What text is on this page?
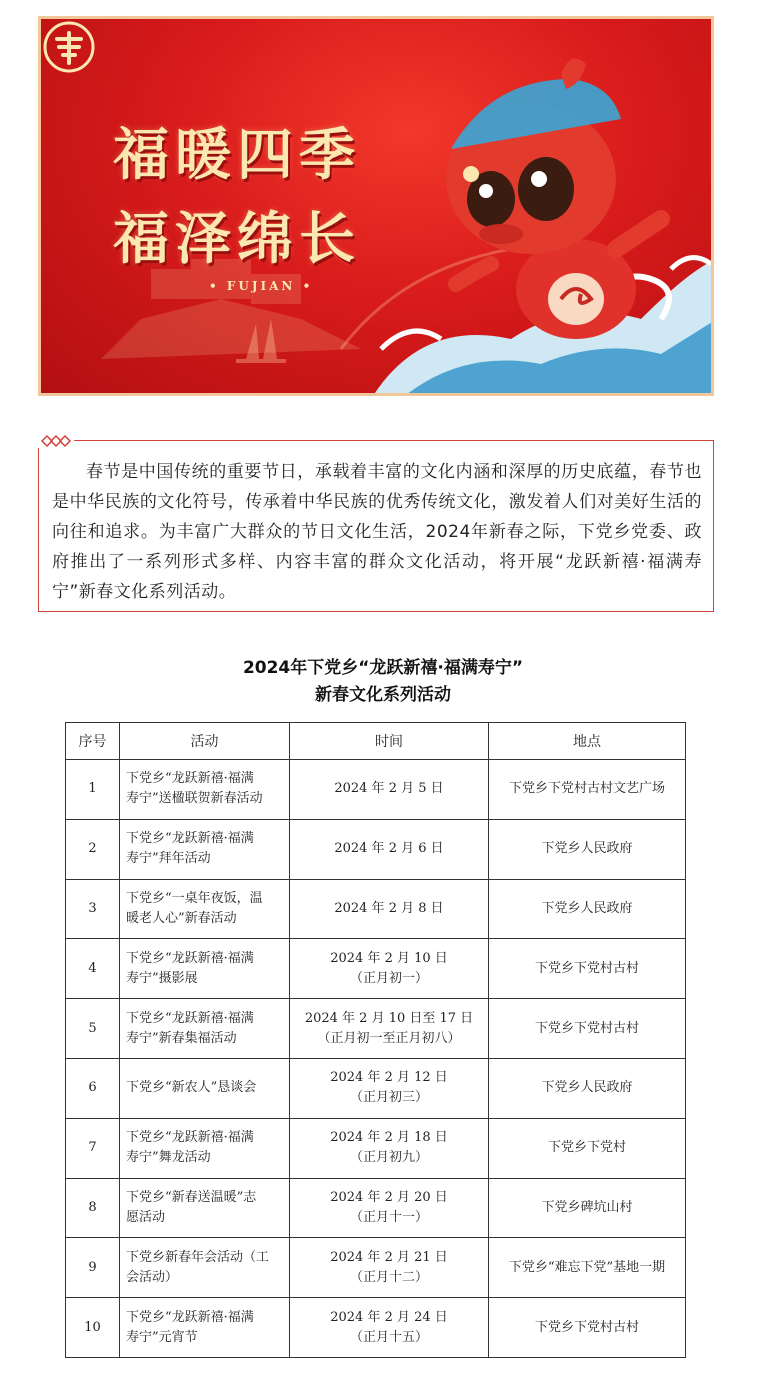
福暖四季
福泽绵长
• FUJIAN •

春节是中国传统的重要节日，承载着丰富的文化内涵和深厚的历史底蕴，春节也是中华民族的文化符号，传承着中华民族的优秀传统文化，激发着人们对美好生活的向往和追求。为丰富广大群众的节日文化生活，2024年新春之际，下党乡党委、政府推出了一系列形式多样、内容丰富的群众文化活动，将开展“龙跃新禧·福满寿宁”新春文化系列活动。

2024年下党乡“龙跃新禧·福满寿宁”
新春文化系列活动
序号	活动	时间	地点
1	下党乡“龙跃新禧·福满
寿宁”送楹联贺新春活动	2024 年 2 月 5 日	下党乡下党村古村文艺广场
2	下党乡“龙跃新禧·福满
寿宁”拜年活动	2024 年 2 月 6 日	下党乡人民政府
3	下党乡“一桌年夜饭，温
暖老人心”新春活动	2024 年 2 月 8 日	下党乡人民政府
4	下党乡“龙跃新禧·福满
寿宁”摄影展	2024 年 2 月 10 日
（正月初一）	下党乡下党村古村
5	下党乡“龙跃新禧·福满
寿宁”新春集福活动	2024 年 2 月 10 日至 17 日
（正月初一至正月初八）	下党乡下党村古村
6	下党乡“新农人”恳谈会	2024 年 2 月 12 日
（正月初三）	下党乡人民政府
7	下党乡“龙跃新禧·福满
寿宁”舞龙活动	2024 年 2 月 18 日
（正月初九）	下党乡下党村
8	下党乡“新春送温暖”志
愿活动	2024 年 2 月 20 日
（正月十一）	下党乡碑坑山村
9	下党乡新春年会活动（工
会活动）	2024 年 2 月 21 日
（正月十二）	下党乡“难忘下党”基地一期
10	下党乡“龙跃新禧·福满
寿宁”元宵节	2024 年 2 月 24 日
（正月十五）	下党乡下党村古村
